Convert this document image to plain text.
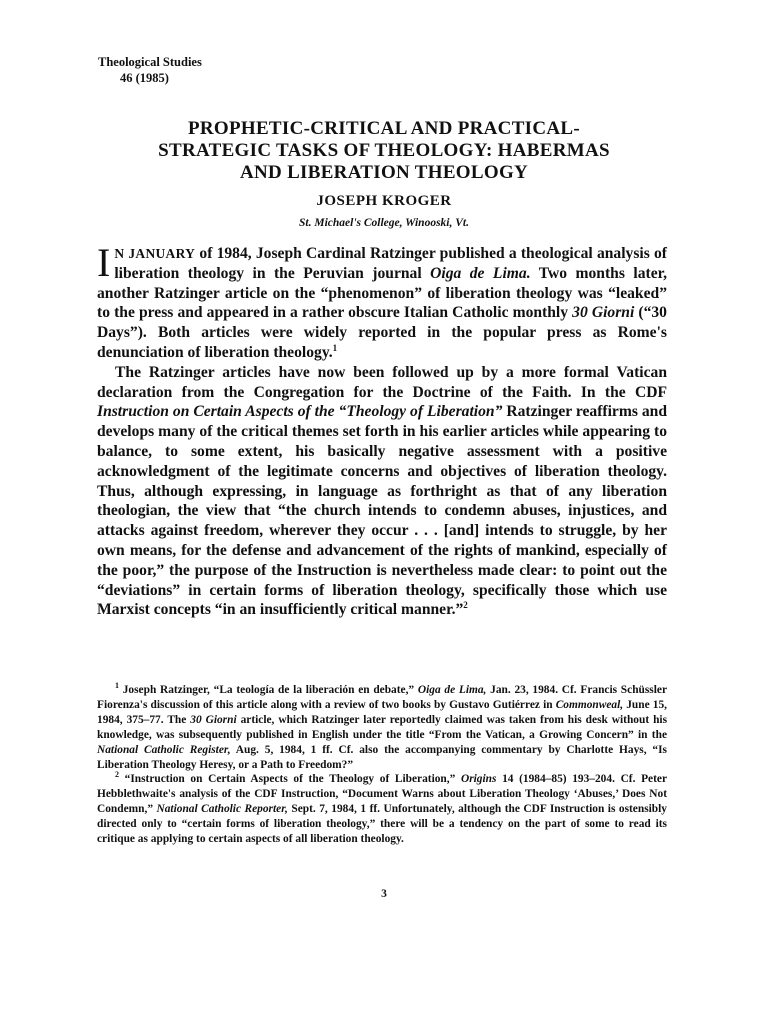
Theological Studies
46 (1985)
PROPHETIC-CRITICAL AND PRACTICAL-
STRATEGIC TASKS OF THEOLOGY: HABERMAS
AND LIBERATION THEOLOGY
JOSEPH KROGER
St. Michael's College, Winooski, Vt.

I N JANUARY of 1984, Joseph Cardinal Ratzinger published a theological analysis of liberation theology in the Peruvian journal Oiga de Lima. Two months later, another Ratzinger article on the “phenomenon” of liberation theology was “leaked” to the press and appeared in a rather obscure Italian Catholic monthly 30 Giorni (“30 Days”). Both articles were widely reported in the popular press as Rome's denunciation of liberation theology.$^1$

The Ratzinger articles have now been followed up by a more formal Vatican declaration from the Congregation for the Doctrine of the Faith. In the CDF Instruction on Certain Aspects of the “Theology of Liberation” Ratzinger reaffirms and develops many of the critical themes set forth in his earlier articles while appearing to balance, to some extent, his basically negative assessment with a positive acknowledgment of the legitimate concerns and objectives of liberation theology. Thus, although expressing, in language as forthright as that of any liberation theologian, the view that “the church intends to condemn abuses, injustices, and attacks against freedom, wherever they occur . . . [and] intends to struggle, by her own means, for the defense and advancement of the rights of mankind, especially of the poor,” the purpose of the Instruction is nevertheless made clear: to point out the “deviations” in certain forms of liberation theology, specifically those which use Marxist concepts “in an insufficiently critical manner.”$^2$

$^1$ Joseph Ratzinger, “La teología de la liberación en debate,” Oiga de Lima, Jan. 23, 1984. Cf. Francis Schüssler Fiorenza's discussion of this article along with a review of two books by Gustavo Gutiérrez in Commonweal, June 15, 1984, 375–77. The 30 Giorni article, which Ratzinger later reportedly claimed was taken from his desk without his knowledge, was subsequently published in English under the title “From the Vatican, a Growing Concern” in the National Catholic Register, Aug. 5, 1984, 1 ff. Cf. also the accompanying commentary by Charlotte Hays, “Is Liberation Theology Heresy, or a Path to Freedom?”

$^2$ “Instruction on Certain Aspects of the Theology of Liberation,” Origins 14 (1984–85) 193–204. Cf. Peter Hebblethwaite's analysis of the CDF Instruction, “Document Warns about Liberation Theology ‘Abuses,’ Does Not Condemn,” National Catholic Reporter, Sept. 7, 1984, 1 ff. Unfortunately, although the CDF Instruction is ostensibly directed only to “certain forms of liberation theology,” there will be a tendency on the part of some to read its critique as applying to certain aspects of all liberation theology.

3
